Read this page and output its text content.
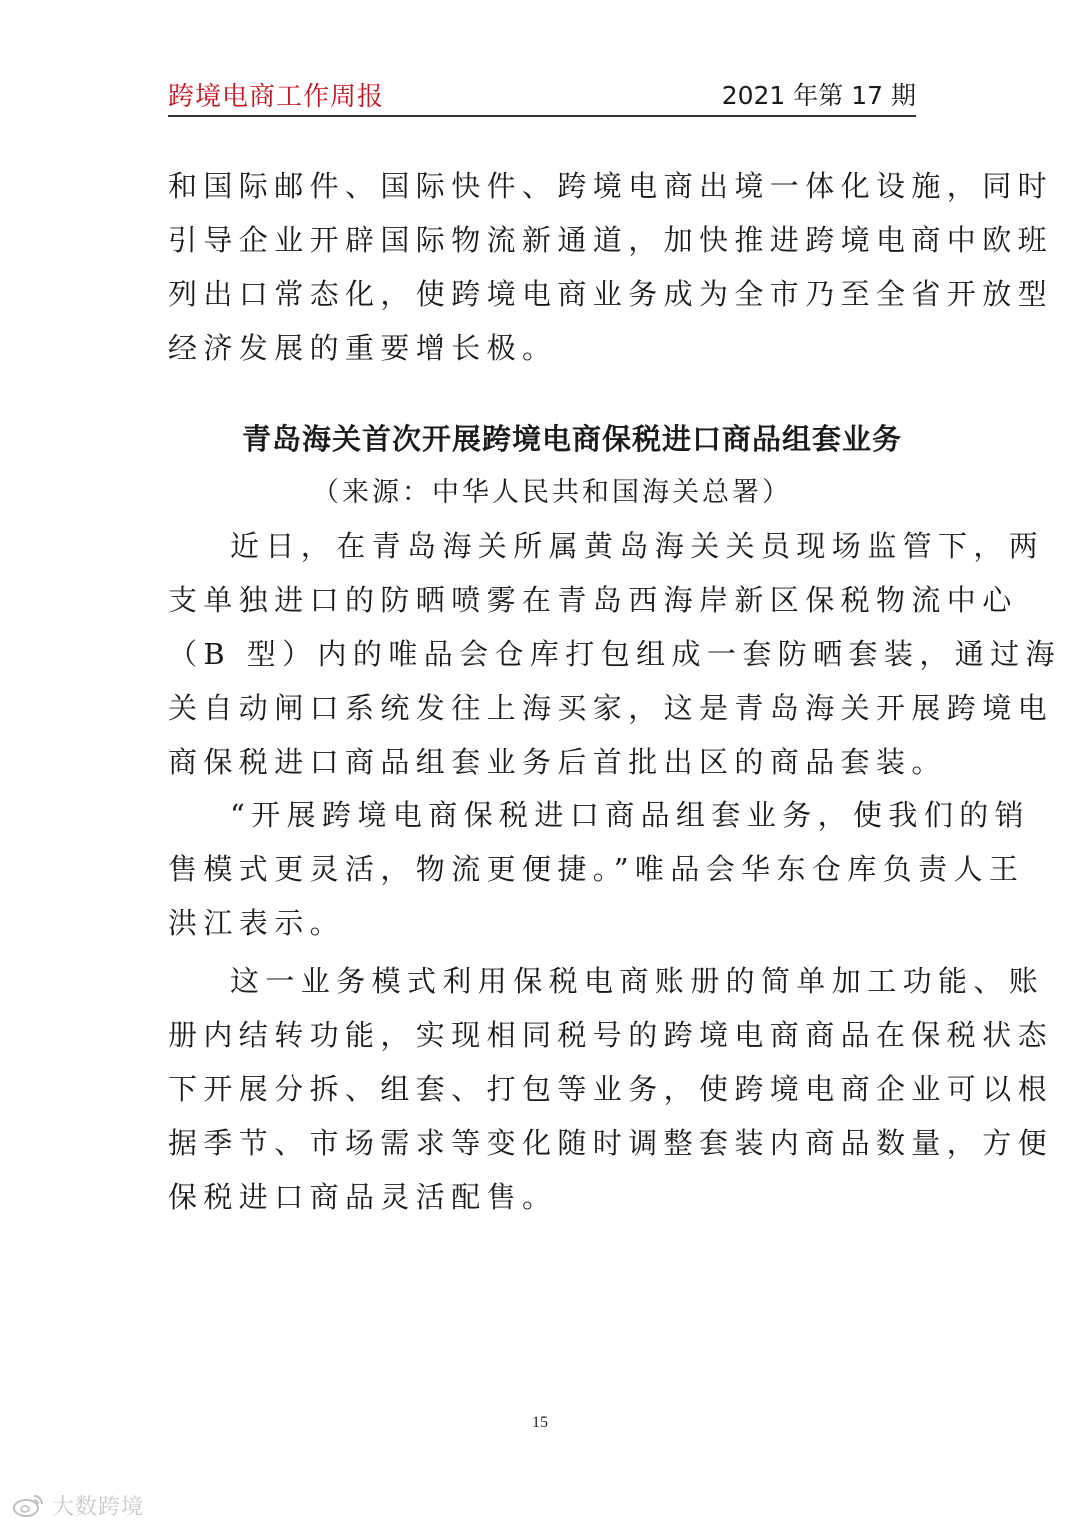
跨境电商工作周报	2021 年第 17 期
和国际邮件、国际快件、跨境电商出境一体化设施，同时
引导企业开辟国际物流新通道，加快推进跨境电商中欧班
列出口常态化，使跨境电商业务成为全市乃至全省开放型
经济发展的重要增长极。
青岛海关首次开展跨境电商保税进口商品组套业务
（来源：中华人民共和国海关总署）
近日，在青岛海关所属黄岛海关关员现场监管下，两
支单独进口的防晒喷雾在青岛西海岸新区保税物流中心
（B 型）内的唯品会仓库打包组成一套防晒套装，通过海
关自动闸口系统发往上海买家，这是青岛海关开展跨境电
商保税进口商品组套业务后首批出区的商品套装。
“开展跨境电商保税进口商品组套业务，使我们的销
售模式更灵活，物流更便捷。”唯品会华东仓库负责人王
洪江表示。
这一业务模式利用保税电商账册的简单加工功能、账
册内结转功能，实现相同税号的跨境电商商品在保税状态
下开展分拆、组套、打包等业务，使跨境电商企业可以根
据季节、市场需求等变化随时调整套装内商品数量，方便
保税进口商品灵活配售。
15
大数跨境
